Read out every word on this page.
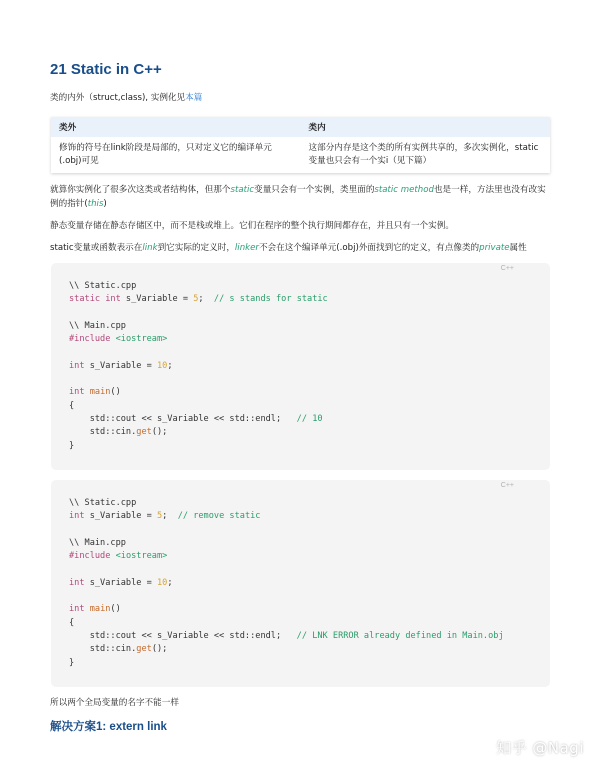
21 Static in C++
类的内外（struct,class), 实例化见本篇
类外	类内
修饰的符号在link阶段是局部的，只对定义它的编译单元(.obj)可见	这部分内存是这个类的所有实例共享的，多次实例化，static变量也只会有一个实i（见下篇）
就算你实例化了很多次这类或者结构体，但那个static变量只会有一个实例，类里面的static method也是一样，方法里也没有改实例的指针(this)
静态变量存储在静态存储区中，而不是栈或堆上。它们在程序的整个执行期间都存在，并且只有一个实例。
static变量或函数表示在link到它实际的定义时，linker不会在这个编译单元(.obj)外面找到它的定义，有点像类的private属性
C++
\\ Static.cpp
static int s_Variable = 5;  // s stands for static

\\ Main.cpp
#include <iostream>

int s_Variable = 10;

int main()
{
std::cout << s_Variable << std::endl; // 10
std::cin.get();
}
C++
\\ Static.cpp
int s_Variable = 5;  // remove static

\\ Main.cpp
#include <iostream>

int s_Variable = 10;

int main()
{
std::cout << s_Variable << std::endl; // LNK ERROR already defined in Main.obj
std::cin.get();
}
所以两个全局变量的名字不能一样
解决方案1: extern link
知乎 @Nagi
